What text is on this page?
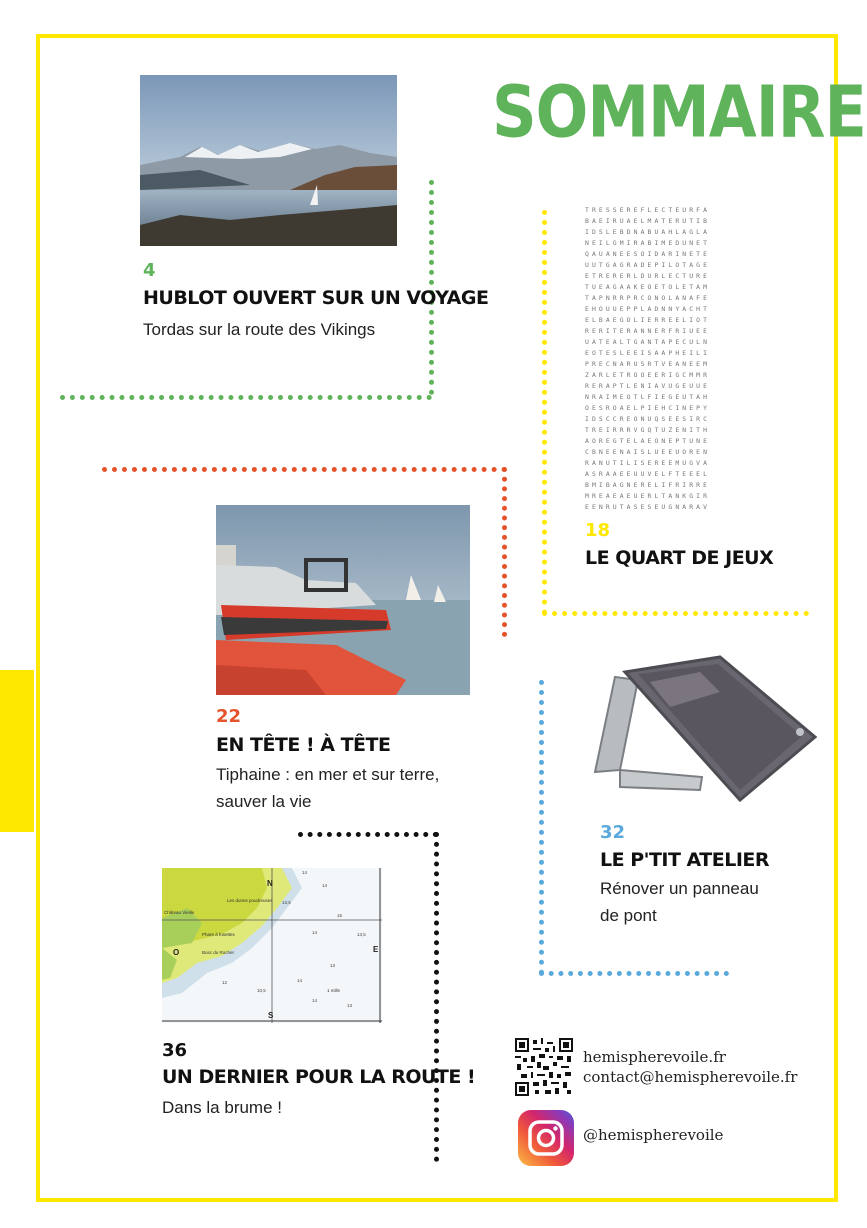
SOMMAIRE
4
HUBLOT OUVERT SUR UN VOYAGE
Tordas sur la route des Vikings
TRESSEREFLECTEURFA
BAEIRUAELMATERUTIB
IDSLEBDNABUAHLAGLA
NEILGMIRABIMEDUNET
QAUANEESOIDARINETE
UUTGAGRADEPILOTAGE
ETRERERLDURLECTURE
TUEAGAAKEOETOLETAM
TAPNRRPRCONOLANAFE
EHOUUEPPLADNNYACHT
ELBAEGOLIERREELIOT
RERITERANNERFRIUEE
UATEALTGANTAPECULN
EOTESLEEISAAPHEILI
PRECNARUSRTVEANEEM
ZARLETROOEERIGCMMR
RERAPTLENIAVUGEUUE
NRAIMEOTLFIEGEUTAH
OESROAELPIEHCINEPY
IDSCCREONUQSEESIRC
TREIRRRVGQTUZENITH
AOREGTELAEONEPTUNE
CBNEENAISLUEEUOREN
RANUTILISEREEMUGVA
ASRAAEEUUVELFTEEEL
BMIBAGNERELIFRIRRE
MREAEAEUERLTANKGIR
EENRUTASESEUGNARAV
18
LE QUART DE JEUX
22
EN TÊTE ! À TÊTE
Tiphaine : en mer et sur terre,
sauver la vie
32
LE P'TIT ATELIER
Rénover un panneau
de pont
N
S
E
O
14
14
13,5
15
14	13,5
13
12
10,5
14
14
13
Château Vieille
Phare à fusettes
Les dunes poudreuses
Bosc du Rocher
1 mille
36
UN DERNIER POUR LA ROUTE !
Dans la brume !
hemispherevoile.fr
contact@hemispherevoile.fr
@hemispherevoile
